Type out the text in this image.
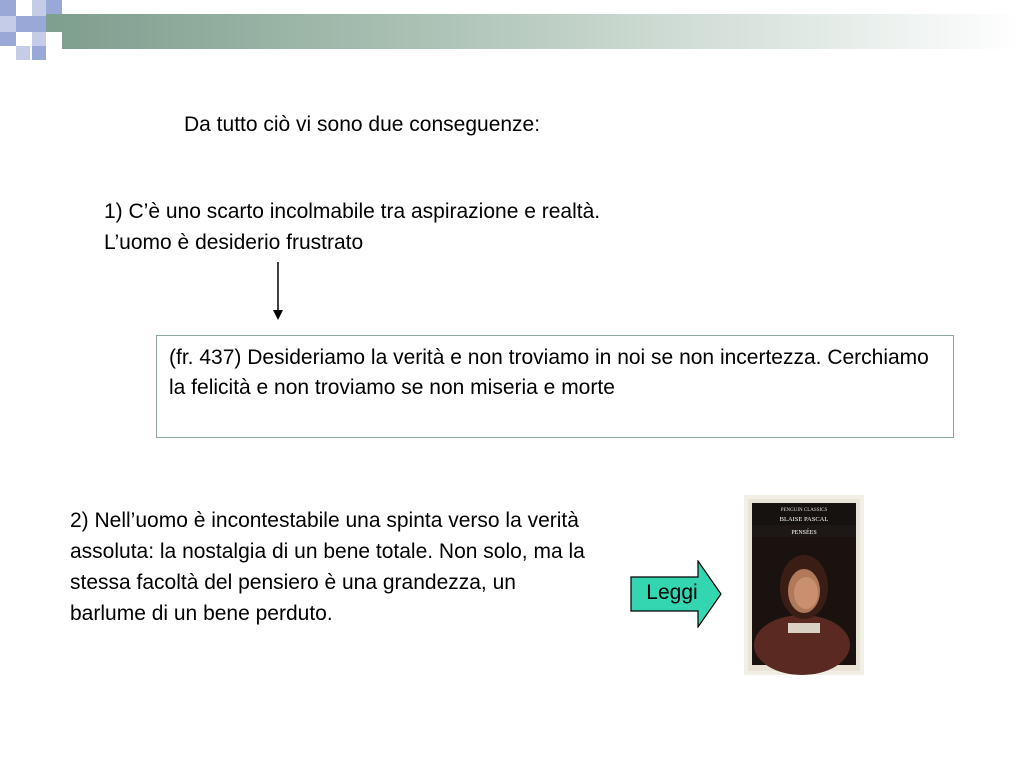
Da tutto ciò vi sono due conseguenze:
1) C’è uno scarto incolmabile tra aspirazione e realtà.
L’uomo è desiderio frustrato
(fr. 437) Desideriamo la verità e non troviamo in noi se non incertezza. Cerchiamo la felicità e non troviamo se non miseria e morte
2) Nell’uomo è incontestabile una spinta verso la verità assoluta: la nostalgia di un bene totale. Non solo, ma la stessa facoltà del pensiero è una grandezza, un barlume di un bene perduto.
Leggi
PENGUIN CLASSICS
BLAISE PASCAL
PENSÉES
